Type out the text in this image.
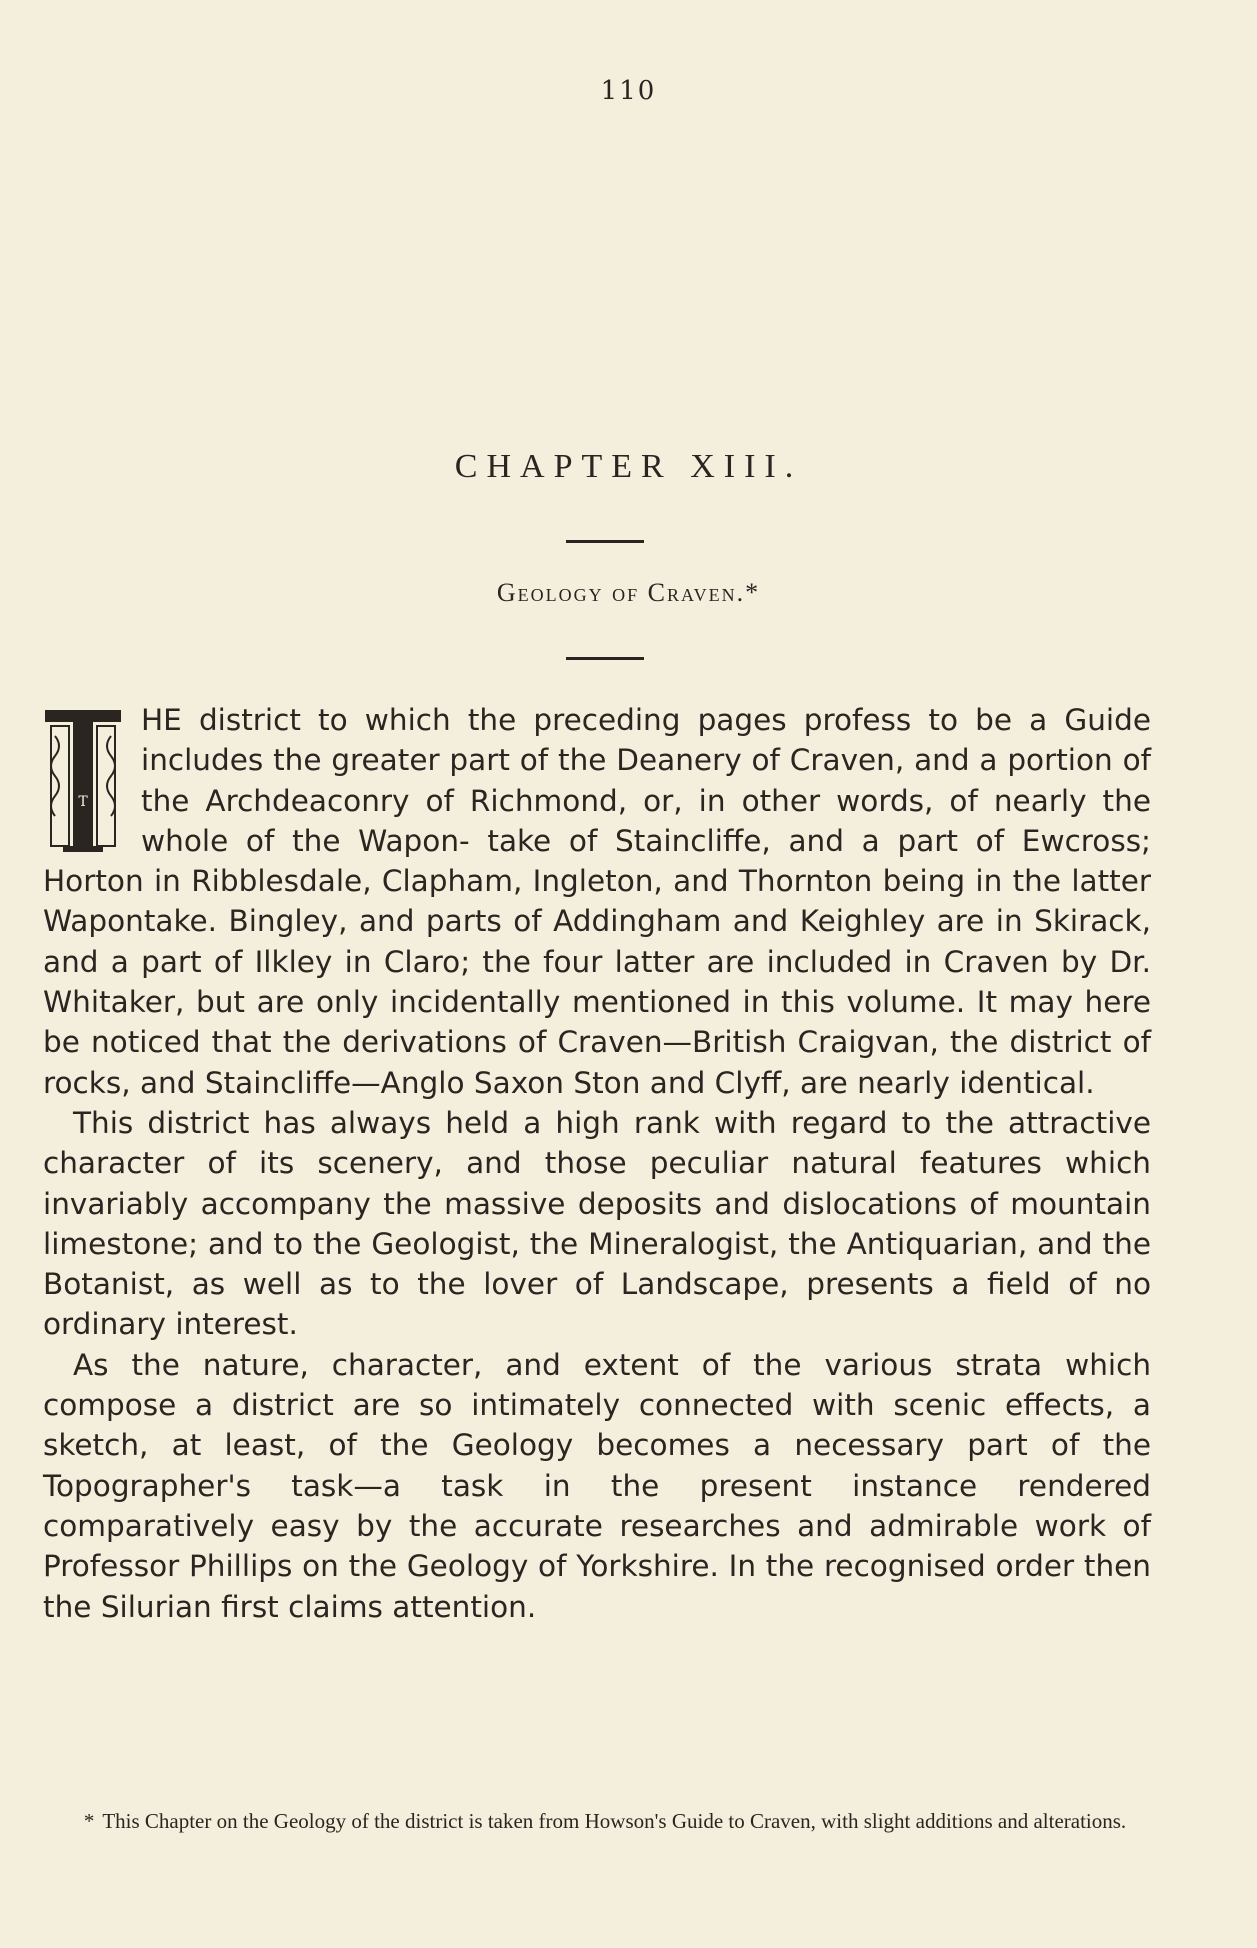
110
CHAPTER XIII.
Geology of Craven.*
T

HE district to which the preceding pages profess to be a Guide includes the greater part of the Deanery of Craven, and a portion of the Archdeaconry of Richmond, or, in other words, of nearly the whole of the Wapon- take of Staincliffe, and a part of Ewcross; Horton in Ribblesdale, Clapham, Ingleton, and Thornton being in the latter Wapontake. Bingley, and parts of Addingham and Keighley are in Skirack, and a part of Ilkley in Claro; the four latter are included in Craven by Dr. Whitaker, but are only incidentally mentioned in this volume. It may here be noticed that the derivations of Craven—British Craigvan, the district of rocks, and Staincliffe—Anglo Saxon Ston and Clyff, are nearly identical.

This district has always held a high rank with regard to the attractive character of its scenery, and those peculiar natural features which invariably accompany the massive deposits and dislocations of mountain limestone; and to the Geologist, the Mineralogist, the Antiquarian, and the Botanist, as well as to the lover of Landscape, presents a field of no ordinary interest.

As the nature, character, and extent of the various strata which compose a district are so intimately connected with scenic effects, a sketch, at least, of the Geology becomes a necessary part of the Topographer's task—a task in the present instance rendered comparatively easy by the accurate researches and admirable work of Professor Phillips on the Geology of Yorkshire. In the recognised order then the Silurian first claims attention.

* This Chapter on the Geology of the district is taken from Howson's Guide to Craven, with slight additions and alterations.
